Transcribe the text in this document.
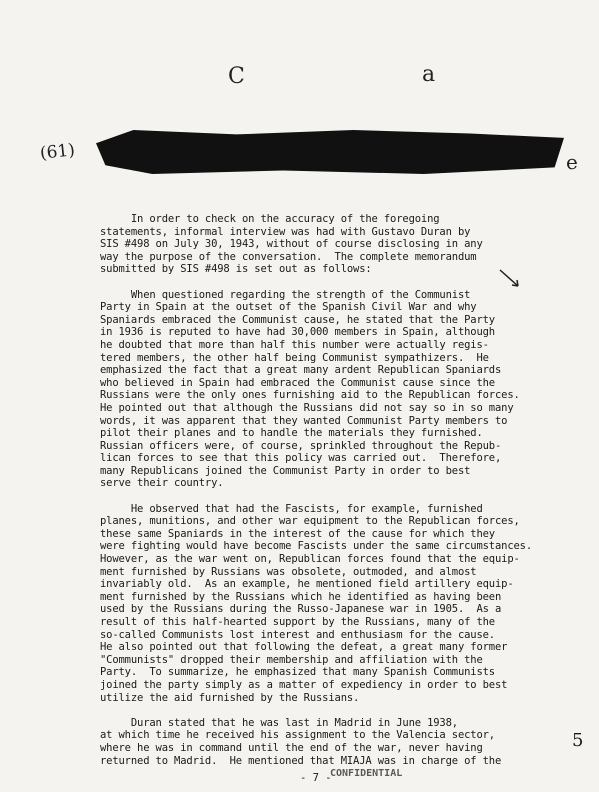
C	a
(61)	e
In order to check on the accuracy of the foregoing
statements, informal interview was had with Gustavo Duran by
SIS #498 on July 30, 1943, without of course disclosing in any
way the purpose of the conversation.  The complete memorandum
submitted by SIS #498 is set out as follows:
When questioned regarding the strength of the Communist
Party in Spain at the outset of the Spanish Civil War and why
Spaniards embraced the Communist cause, he stated that the Party
in 1936 is reputed to have had 30,000 members in Spain, although
he doubted that more than half this number were actually regis-
tered members, the other half being Communist sympathizers.  He
emphasized the fact that a great many ardent Republican Spaniards
who believed in Spain had embraced the Communist cause since the
Russians were the only ones furnishing aid to the Republican forces.
He pointed out that although the Russians did not say so in so many
words, it was apparent that they wanted Communist Party members to
pilot their planes and to handle the materials they furnished.
Russian officers were, of course, sprinkled throughout the Repub-
lican forces to see that this policy was carried out.  Therefore,
many Republicans joined the Communist Party in order to best
serve their country.
He observed that had the Fascists, for example, furnished
planes, munitions, and other war equipment to the Republican forces,
these same Spaniards in the interest of the cause for which they
were fighting would have become Fascists under the same circumstances.
However, as the war went on, Republican forces found that the equip-
ment furnished by Russians was obsolete, outmoded, and almost
invariably old.  As an example, he mentioned field artillery equip-
ment furnished by the Russians which he identified as having been
used by the Russians during the Russo-Japanese war in 1905.  As a
result of this half-hearted support by the Russians, many of the
so-called Communists lost interest and enthusiasm for the cause.
He also pointed out that following the defeat, a great many former
"Communists" dropped their membership and affiliation with the
Party.  To summarize, he emphasized that many Spanish Communists
joined the party simply as a matter of expediency in order to best
utilize the aid furnished by the Russians.
Duran stated that he was last in Madrid in June 1938,
at which time he received his assignment to the Valencia sector,
where he was in command until the end of the war, never having
returned to Madrid.  He mentioned that MIAJA was in charge of the
- 7 -
CONFIDENTIAL
5
